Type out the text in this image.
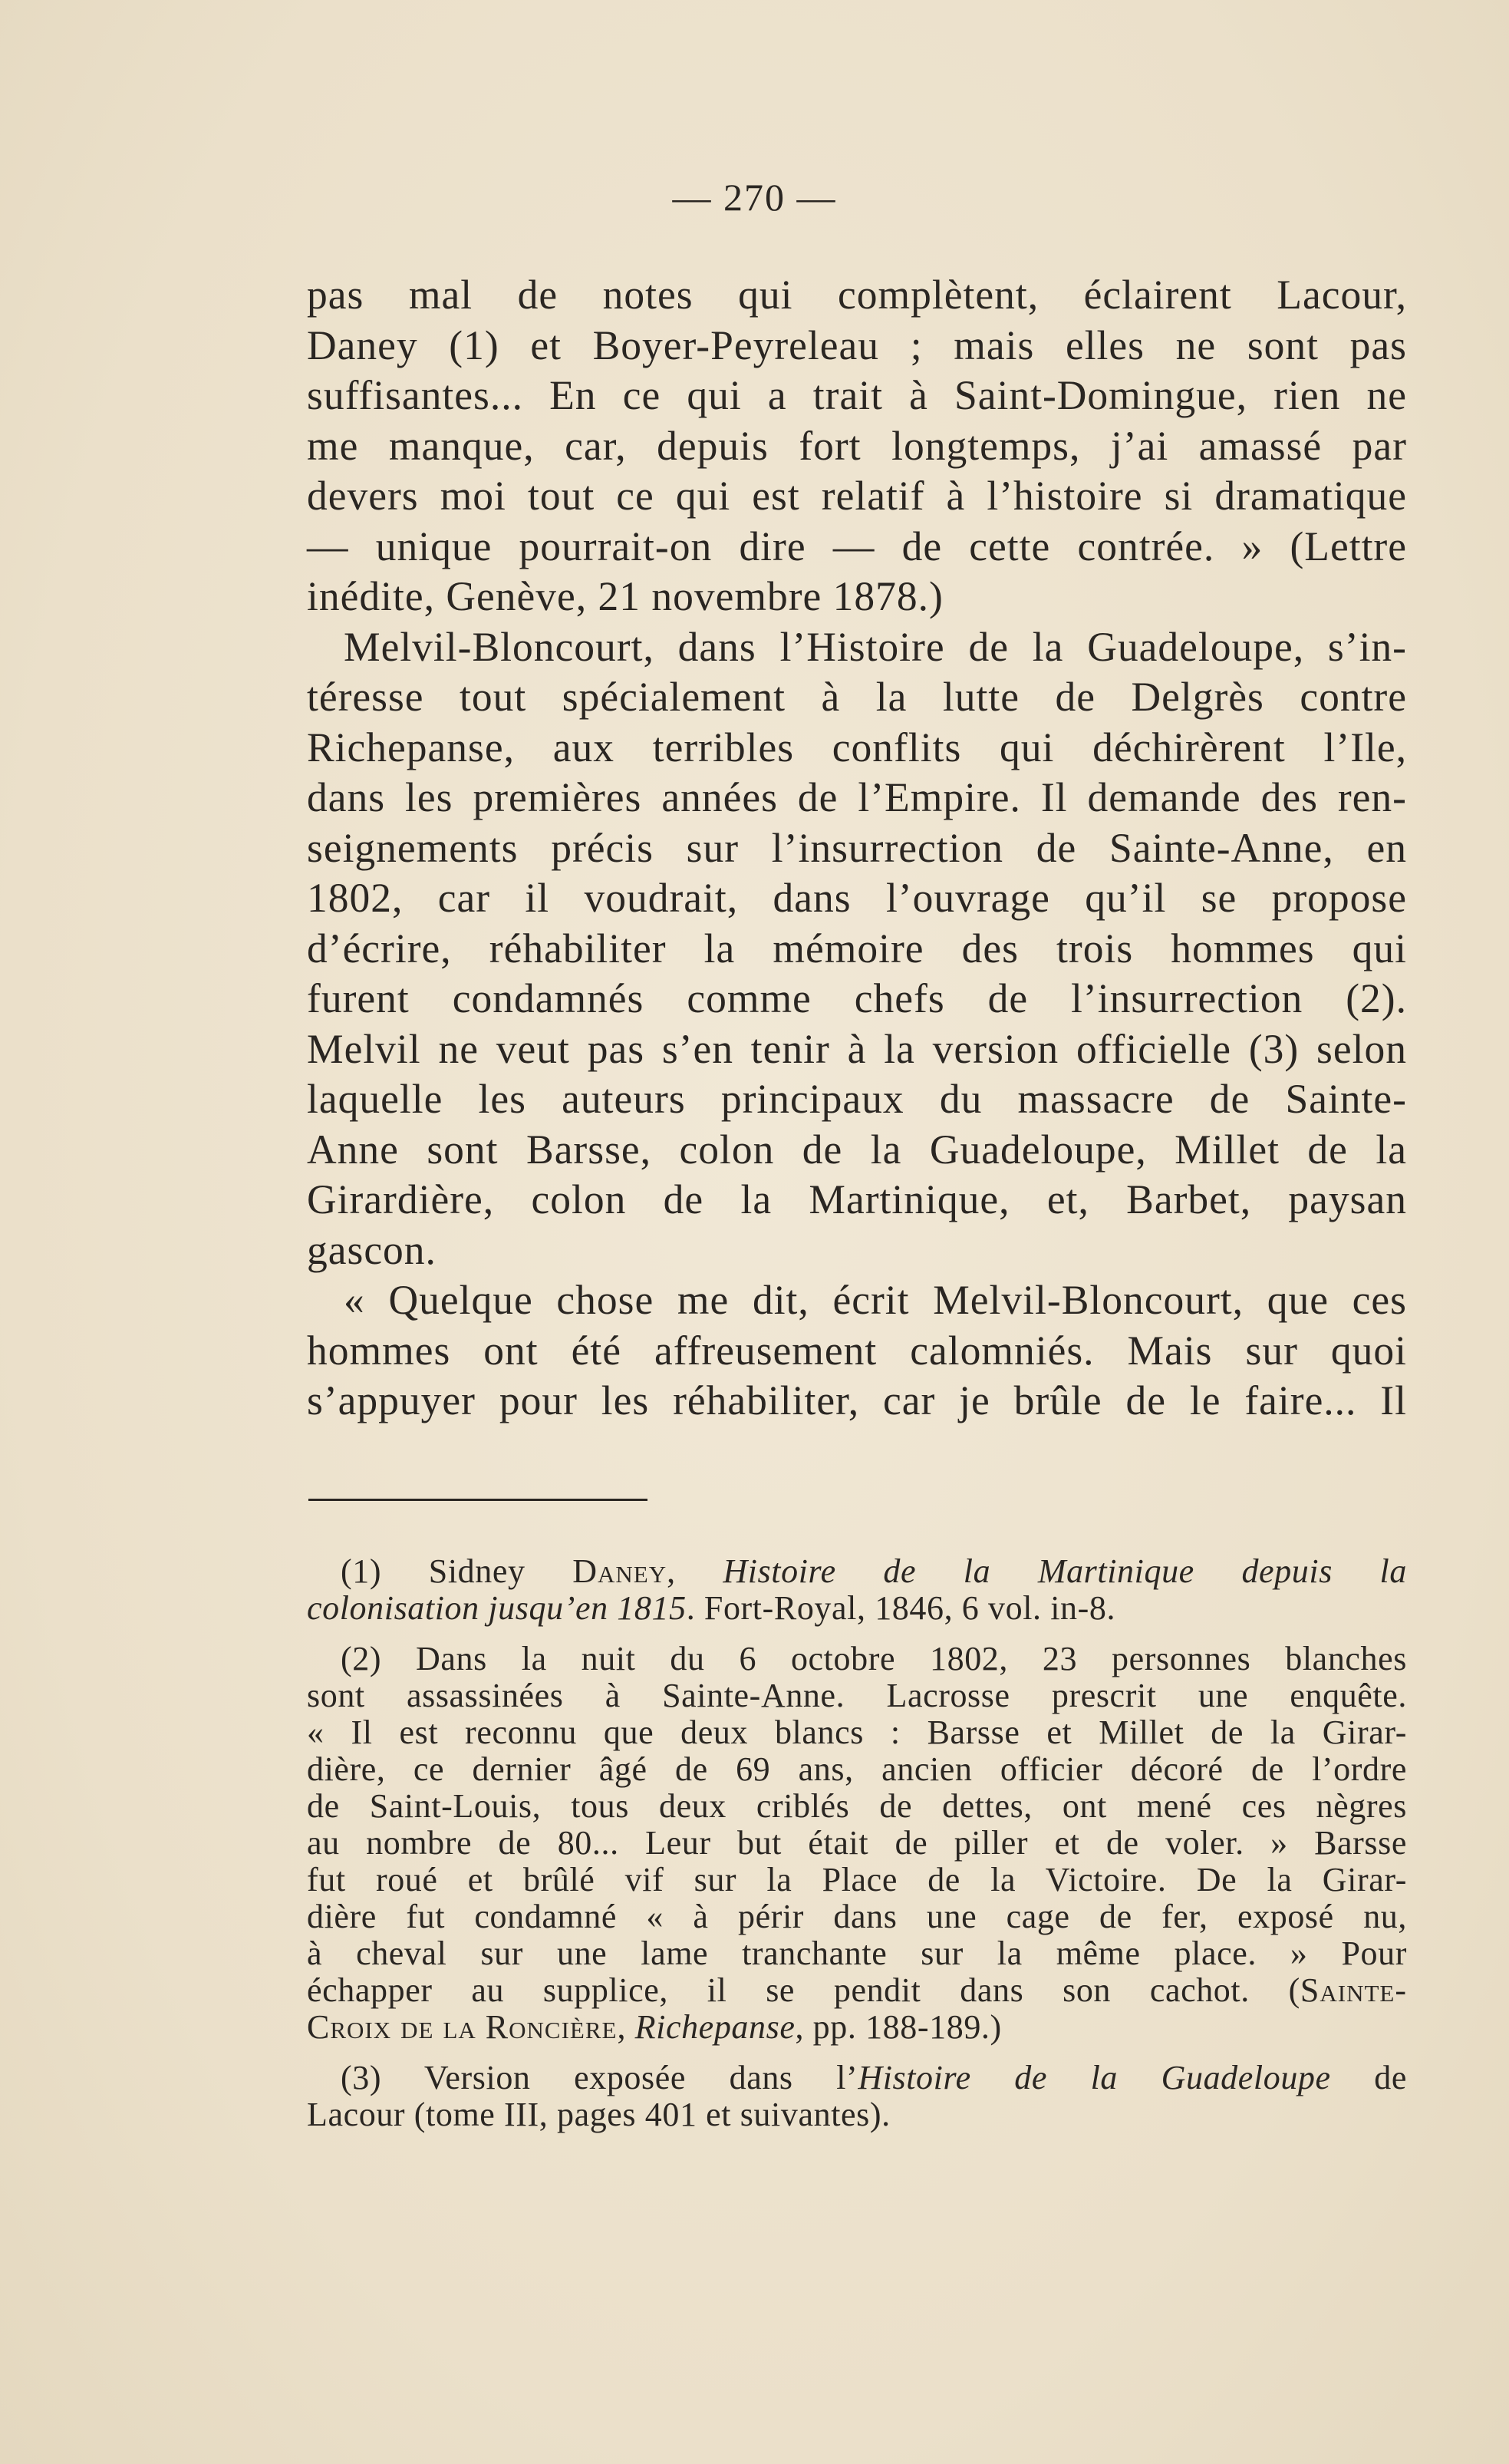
— 270 —

pas mal de notes qui complètent, éclairent Lacour,
Daney (1) et Boyer-Peyreleau ; mais elles ne sont pas
suffisantes... En ce qui a trait à Saint-Domingue, rien ne
me manque, car, depuis fort longtemps, j’ai amassé par
devers moi tout ce qui est relatif à l’histoire si dramatique
— unique pourrait-on dire — de cette contrée. » (Lettre
inédite, Genève, 21 novembre 1878.)

Melvil-Bloncourt, dans l’Histoire de la Guadeloupe, s’in-
téresse tout spécialement à la lutte de Delgrès contre
Richepanse, aux terribles conflits qui déchirèrent l’Ile,
dans les premières années de l’Empire. Il demande des ren-
seignements précis sur l’insurrection de Sainte-Anne, en
1802, car il voudrait, dans l’ouvrage qu’il se propose
d’écrire, réhabiliter la mémoire des trois hommes qui
furent condamnés comme chefs de l’insurrection (2).
Melvil ne veut pas s’en tenir à la version officielle (3) selon
laquelle les auteurs principaux du massacre de Sainte-
Anne sont Barsse, colon de la Guadeloupe, Millet de la
Girardière, colon de la Martinique, et, Barbet, paysan
gascon.

« Quelque chose me dit, écrit Melvil-Bloncourt, que ces
hommes ont été affreusement calomniés. Mais sur quoi
s’appuyer pour les réhabiliter, car je brûle de le faire... Il

(1) Sidney Daney, Histoire de la Martinique depuis la
colonisation jusqu’en 1815. Fort-Royal, 1846, 6 vol. in-8.

(2) Dans la nuit du 6 octobre 1802, 23 personnes blanches
sont assassinées à Sainte-Anne. Lacrosse prescrit une enquête.
« Il est reconnu que deux blancs : Barsse et Millet de la Girar-
dière, ce dernier âgé de 69 ans, ancien officier décoré de l’ordre
de Saint-Louis, tous deux criblés de dettes, ont mené ces nègres
au nombre de 80... Leur but était de piller et de voler. » Barsse
fut roué et brûlé vif sur la Place de la Victoire. De la Girar-
dière fut condamné « à périr dans une cage de fer, exposé nu,
à cheval sur une lame tranchante sur la même place. » Pour
échapper au supplice, il se pendit dans son cachot. (Sainte-
Croix de la Roncière, Richepanse, pp. 188-189.)

(3) Version exposée dans l’Histoire de la Guadeloupe de
Lacour (tome III, pages 401 et suivantes).
